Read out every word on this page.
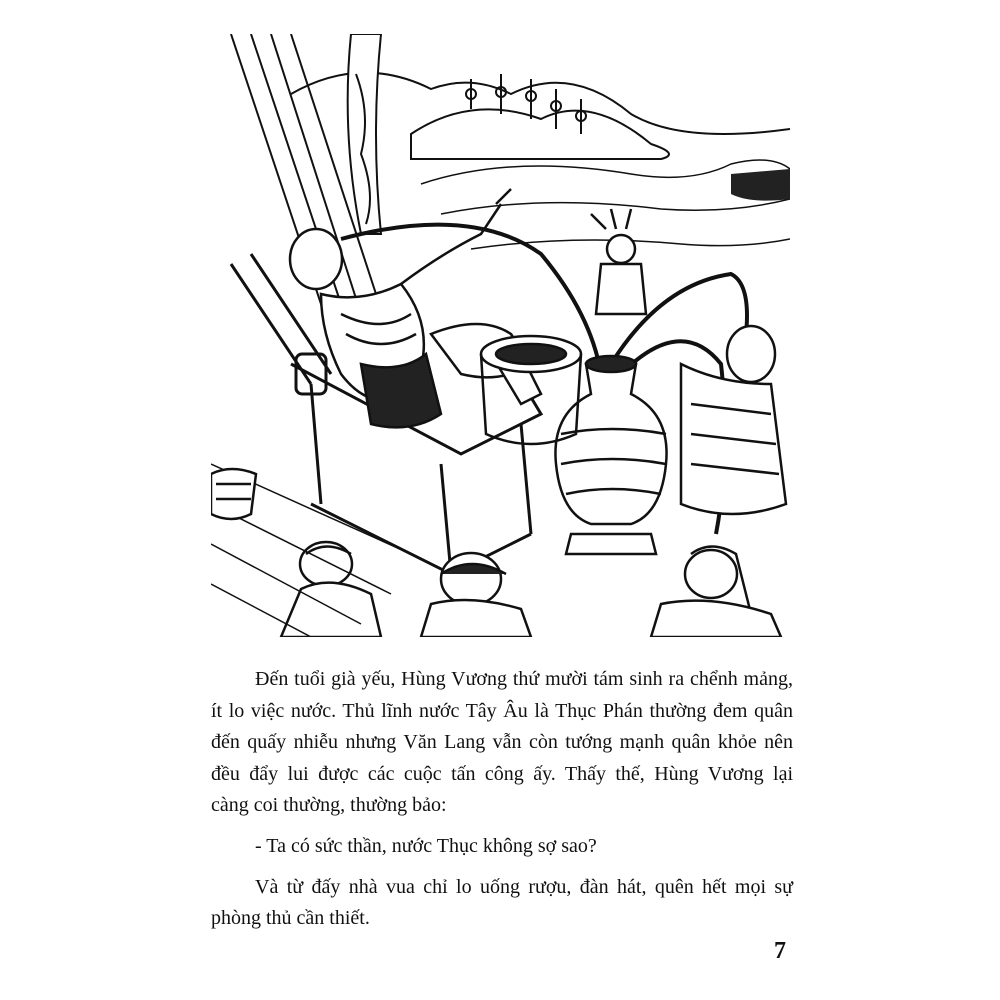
Đến tuổi già yếu, Hùng Vương thứ mười tám sinh ra chểnh mảng,
ít lo việc nước. Thủ lĩnh nước Tây Âu là Thục Phán thường đem quân
đến quấy nhiễu nhưng Văn Lang vẫn còn tướng mạnh quân khỏe nên
đều đẩy lui được các cuộc tấn công ấy. Thấy thế, Hùng Vương lại
càng coi thường, thường bảo:

- Ta có sức thần, nước Thục không sợ sao?

Và từ đấy nhà vua chỉ lo uống rượu, đàn hát, quên hết mọi sự
phòng thủ cần thiết.

7
